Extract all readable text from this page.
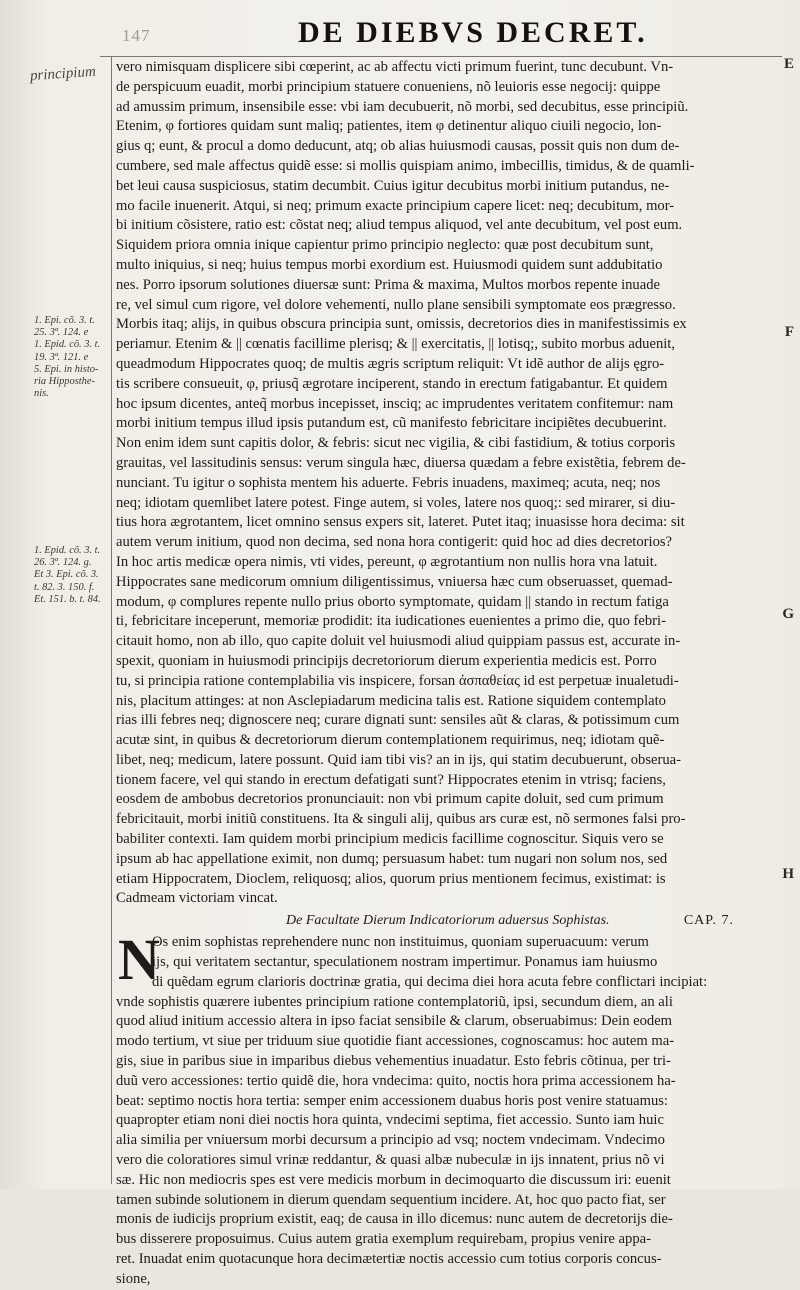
147	DE DIEBVS DECRET.
principium
1. Epi. cõ. 3. t.
25. 3ª. 124. e
1. Epid. cõ. 3. t.
19. 3ª. 121. e
5. Epi. in histo-
ria Hipposthe-
nis.
1. Epid. cõ. 3. t.
26. 3ª. 124. g.
Et 3. Epi. cõ. 3.
t. 82. 3. 150. f.
Et. 151. b. t. 84.
E
F
G
H
vero nimisquam displicere sibi cœperint, ac ab affectu victi primum fuerint, tunc decubunt. Vn-
de perspicuum euadit, morbi principium statuere conueniens, nõ leuioris esse negocij: quippe
ad amussim primum, insensibile esse: vbi iam decubuerit, nõ morbi, sed decubitus, esse principiũ.
Etenim, φ fortiores quidam sunt maliq; patientes, item φ detinentur aliquo ciuili negocio, lon-
gius q; eunt, & procul a domo deducunt, atq; ob alias huiusmodi causas, possit quis non dum de-
cumbere, sed male affectus quidẽ esse: si mollis quispiam animo, imbecillis, timidus, & de quamli-
bet leui causa suspiciosus, statim decumbit. Cuius igitur decubitus morbi initium putandus, ne-
mo facile inuenerit. Atqui, si neq; primum exacte principium capere licet: neq; decubitum, mor-
bi initium cõsistere, ratio est: cõstat neq; aliud tempus aliquod, vel ante decubitum, vel post eum.
Siquidem priora omnia inique capientur primo principio neglecto: quæ post decubitum sunt,
multo iniquius, si neq; huius tempus morbi exordium est. Huiusmodi quidem sunt addubitatio
nes. Porro ipsorum solutiones diuersæ sunt: Prima & maxima, Multos morbos repente inuade
re, vel simul cum rigore, vel dolore vehementi, nullo plane sensibili symptomate eos prægresso.
Morbis itaq; alijs, in quibus obscura principia sunt, omissis, decretorios dies in manifestissimis ex
periamur. Etenim & || cœnatis facillime plerisq; & || exercitatis, || lotisq;, subito morbus aduenit,
queadmodum Hippocrates quoq; de multis ægris scriptum reliquit: Vt idẽ author de alijs ęgro-
tis scribere consueuit, φ, priusq̃ ægrotare inciperent, stando in erectum fatigabantur. Et quidem
hoc ipsum dicentes, anteq̃ morbus incepisset, insciq; ac imprudentes veritatem confitemur: nam
morbi initium tempus illud ipsis putandum est, cũ manifesto febricitare incipiẽtes decubuerint.
Non enim idem sunt capitis dolor, & febris: sicut nec vigilia, & cibi fastidium, & totius corporis
grauitas, vel lassitudinis sensus: verum singula hæc, diuersa quædam a febre existẽtia, febrem de-
nunciant. Tu igitur o sophista mentem his aduerte. Febris inuadens, maximeq; acuta, neq; nos
neq; idiotam quemlibet latere potest. Finge autem, si voles, latere nos quoq;: sed mirarer, si diu-
tius hora ægrotantem, licet omnino sensus expers sit, lateret. Putet itaq; inuasisse hora decima: sit
autem verum initium, quod non decima, sed nona hora contigerit: quid hoc ad dies decretorios?
In hoc artis medicæ opera nimis, vti vides, pereunt, φ ægrotantium non nullis hora vna latuit.
Hippocrates sane medicorum omnium diligentissimus, vniuersa hæc cum obseruasset, quemad-
modum, φ complures repente nullo prius oborto symptomate, quidam || stando in rectum fatiga
ti, febricitare inceperunt, memoriæ prodidit: ita iudicationes euenientes a primo die, quo febri-
citauit homo, non ab illo, quo capite doluit vel huiusmodi aliud quippiam passus est, accurate in-
spexit, quoniam in huiusmodi principijs decretoriorum dierum experientia medicis est. Porro
tu, si principia ratione contemplabilia vis inspicere, forsan ἀσπαθείας id est perpetuæ inualetudi-
nis, placitum attinges: at non Asclepiadarum medicina talis est. Ratione siquidem contemplato
rias illi febres neq; dignoscere neq; curare dignati sunt: sensiles aũt & claras, & potissimum cum
acutæ sint, in quibus & decretoriorum dierum contemplationem requirimus, neq; idiotam quẽ-
libet, neq; medicum, latere possunt. Quid iam tibi vis? an in ijs, qui statim decubuerunt, obserua-
tionem facere, vel qui stando in erectum defatigati sunt? Hippocrates etenim in vtrisq; faciens,
eosdem de ambobus decretorios pronunciauit: non vbi primum capite doluit, sed cum primum
febricitauit, morbi initiũ constituens. Ita & singuli alij, quibus ars curæ est, nõ sermones falsi pro-
babiliter contexti. Iam quidem morbi principium medicis facillime cognoscitur. Siquis vero se
ipsum ab hac appellatione eximit, non dumq; persuasum habet: tum nugari non solum nos, sed
etiam Hippocratem, Dioclem, reliquosq; alios, quorum prius mentionem fecimus, existimat: is
Cadmeam victoriam vincat.
De Facultate Dierum Indicatoriorum aduersus Sophistas.	CAP. 7.
N
Os enim sophistas reprehendere nunc non instituimus, quoniam superuacuum: verum
ijs, qui veritatem sectantur, speculationem nostram impertimur. Ponamus iam huiusmo
di quẽdam egrum clarioris doctrinæ gratia, qui decima diei hora acuta febre conflictari incipiat:
vnde sophistis quærere iubentes principium ratione contemplatoriũ, ipsi, secundum diem, an ali
quod aliud initium accessio altera in ipso faciat sensibile & clarum, obseruabimus: Dein eodem
modo tertium, vt siue per triduum siue quotidie fiant accessiones, cognoscamus: hoc autem ma-
gis, siue in paribus siue in imparibus diebus vehementius inuadatur. Esto febris cõtinua, per tri-
duũ vero accessiones: tertio quidẽ die, hora vndecima: quito, noctis hora prima accessionem ha-
beat: septimo noctis hora tertia: semper enim accessionem duabus horis post venire statuamus:
quapropter etiam noni diei noctis hora quinta, vndecimi septima, fiet accessio. Sunto iam huic
alia similia per vniuersum morbi decursum a principio ad vsq; noctem vndecimam. Vndecimo
vero die coloratiores simul vrinæ reddantur, & quasi albæ nubeculæ in ijs innatent, prius nõ vi
sæ. Hic non mediocris spes est vere medicis morbum in decimoquarto die discussum iri: euenit
tamen subinde solutionem in dierum quendam sequentium incidere. At, hoc quo pacto fiat, ser
monis de iudicijs proprium existit, eaq; de causa in illo dicemus: nunc autem de decretorijs die-
bus disserere proposuimus. Cuius autem gratia exemplum requirebam, propius venire appa-
ret. Inuadat enim quotacunque hora decimætertiæ noctis accessio cum totius corporis concus-
sione,
